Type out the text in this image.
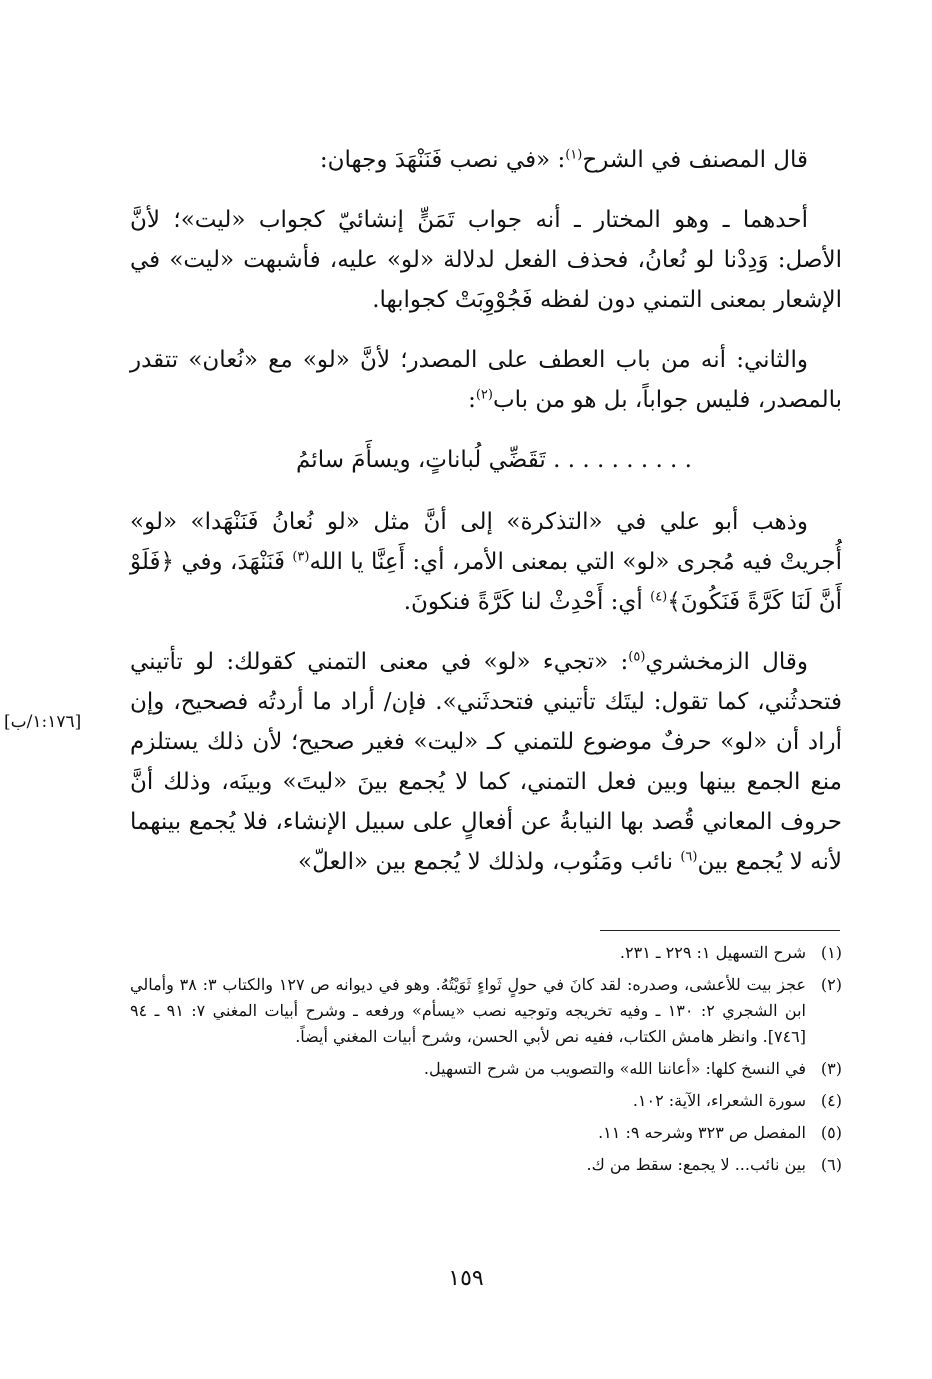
قال المصنف في الشرح$^{(١)}$: «في نصب فَنَنْهَدَ وجهان:

أحدهما ـ وهو المختار ـ أنه جواب تَمَنٍّ إنشائيّ كجواب «ليت»؛ لأنَّ الأصل: وَدِدْنا لو نُعانُ، فحذف الفعل لدلالة «لو» عليه، فأشبهت «ليت» في الإشعار بمعنى التمني دون لفظه فَجُوْوِبَتْ كجوابها.

والثاني: أنه من باب العطف على المصدر؛ لأنَّ «لو» مع «نُعان» تتقدر بالمصدر، فليس جواباً، بل هو من باب$^{(٢)}$:

. . . . . . . . . . تَقَضِّي لُباناتٍ، ويسأَمَ سائمُ

وذهب أبو علي في «التذكرة» إلى أنَّ مثل «لو نُعانُ فَنَنْهَدا» «لو» أُجريتْ فيه مُجرى «لو» التي بمعنى الأمر، أي: أَعِنَّا يا الله$^{(٣)}$ فَنَنْهَدَ، وفي ﴿فَلَوْ أَنَّ لَنَا كَرَّةً فَنَكُونَ﴾$^{(٤)}$ أي: أَحْدِثْ لنا كَرَّةً فنكونَ.

وقال الزمخشري$^{(٥)}$: «تجيء «لو» في معنى التمني كقولك: لو تأتيني فتحدثُني، كما تقول: ليتَك تأتيني فتحدثَني». فإن/ أراد ما أردتُه فصحيح، وإن أراد أن «لو» حرفٌ موضوع للتمني كـ «ليت» فغير صحيح؛ لأن ذلك يستلزم منع الجمع بينها وبين فعل التمني، كما لا يُجمع بينَ «ليتَ» وبينَه، وذلك أنَّ حروف المعاني قُصد بها النيابةُ عن أفعالٍ على سبيل الإنشاء، فلا يُجمع بينهما لأنه لا يُجمع بين$^{(٦)}$ نائب ومَنُوب، ولذلك لا يُجمع بين «العلّ»

[١:١٧٦/ب]
(١)
شرح التسهيل ١: ٢٢٩ ـ ٢٣١.
(٢)
عجز بيت للأعشى، وصدره: لقد كانَ في حولٍ ثَواءٍ ثَوَيْتُهُ. وهو في ديوانه ص ١٢٧ والكتاب ٣: ٣٨ وأمالي ابن الشجري ٢: ١٣٠ ـ وفيه تخريجه وتوجيه نصب «يسأم» ورفعه ـ وشرح أبيات المغني ٧: ٩١ ـ ٩٤ [٧٤٦]. وانظر هامش الكتاب، ففيه نص لأبي الحسن، وشرح أبيات المغني أيضاً.
(٣)
في النسخ كلها: «أعاننا الله» والتصويب من شرح التسهيل.
(٤)
سورة الشعراء، الآية: ١٠٢.
(٥)
المفصل ص ٣٢٣ وشرحه ٩: ١١.
(٦)
بين نائب... لا يجمع: سقط من ك.
١٥٩
